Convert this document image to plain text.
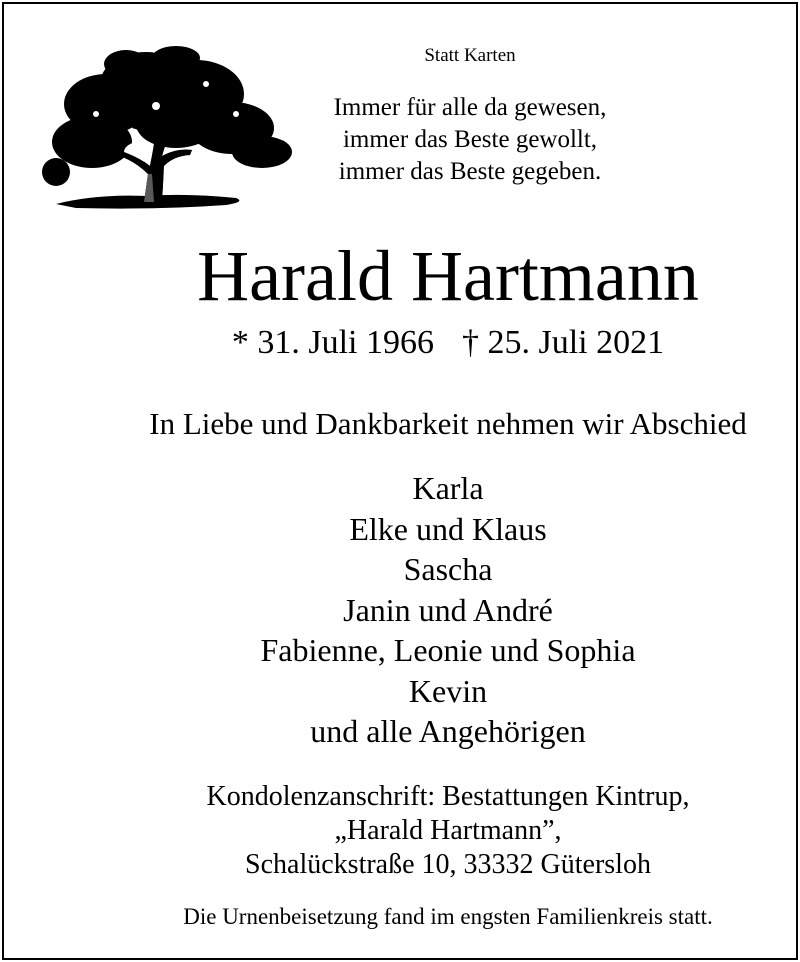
Statt Karten
Immer für alle da gewesen,
immer das Beste gewollt,
immer das Beste gegeben.
Harald Hartmann
* 31. Juli 1966 † 25. Juli 2021
In Liebe und Dankbarkeit nehmen wir Abschied
Karla
Elke und Klaus
Sascha
Janin und André
Fabienne, Leonie und Sophia
Kevin
und alle Angehörigen
Kondolenzanschrift: Bestattungen Kintrup,
„Harald Hartmann”,
Schalückstraße 10, 33332 Gütersloh
Die Urnenbeisetzung fand im engsten Familienkreis statt.
